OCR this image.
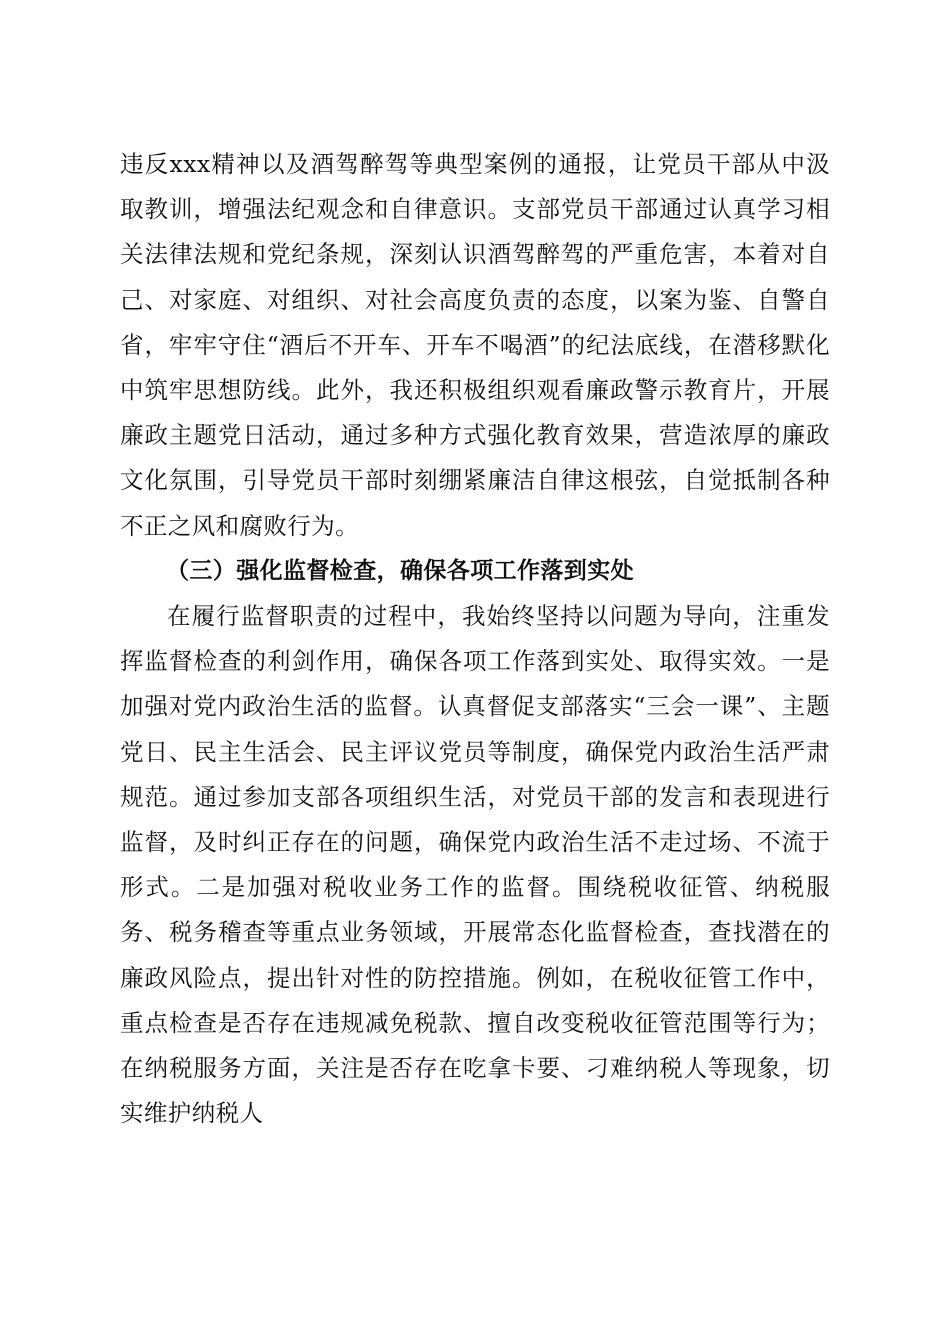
违反xxx精神以及酒驾醉驾等典型案例的通报，让党员干部从中汲取教训，增强法纪观念和自律意识。支部党员干部通过认真学习相关法律法规和党纪条规，深刻认识酒驾醉驾的严重危害，本着对自己、对家庭、对组织、对社会高度负责的态度，以案为鉴、自警自省，牢牢守住“酒后不开车、开车不喝酒”的纪法底线，在潜移默化中筑牢思想防线。此外，我还积极组织观看廉政警示教育片，开展廉政主题党日活动，通过多种方式强化教育效果，营造浓厚的廉政文化氛围，引导党员干部时刻绷紧廉洁自律这根弦，自觉抵制各种不正之风和腐败行为。

（三）强化监督检查，确保各项工作落到实处

在履行监督职责的过程中，我始终坚持以问题为导向，注重发挥监督检查的利剑作用，确保各项工作落到实处、取得实效。一是加强对党内政治生活的监督。认真督促支部落实“三会一课”、主题党日、民主生活会、民主评议党员等制度，确保党内政治生活严肃规范。通过参加支部各项组织生活，对党员干部的发言和表现进行监督，及时纠正存在的问题，确保党内政治生活不走过场、不流于形式。二是加强对税收业务工作的监督。围绕税收征管、纳税服务、税务稽查等重点业务领域，开展常态化监督检查，查找潜在的廉政风险点，提出针对性的防控措施。例如，在税收征管工作中，重点检查是否存在违规减免税款、擅自改变税收征管范围等行为；在纳税服务方面，关注是否存在吃拿卡要、刁难纳税人等现象，切实维护纳税人
